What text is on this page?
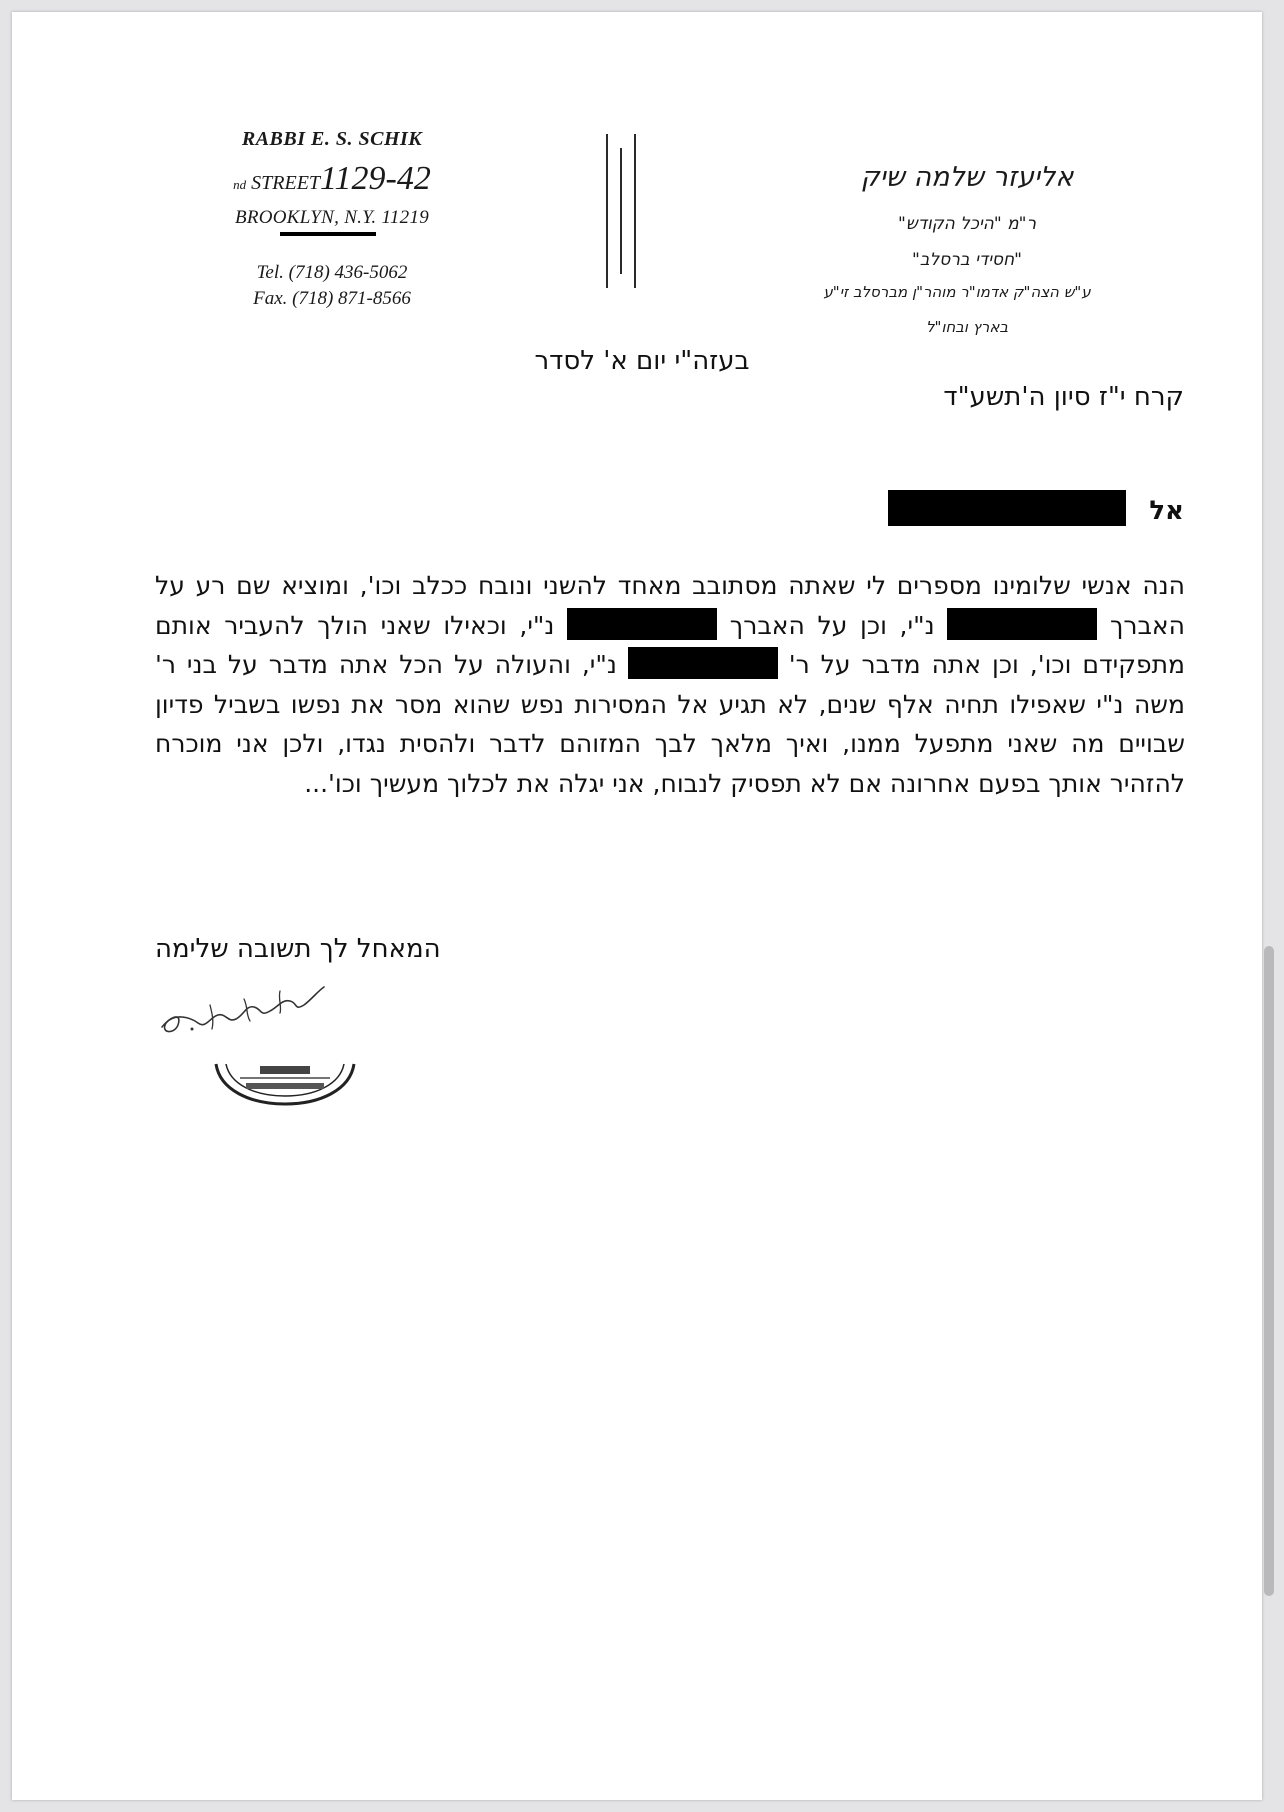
RABBI E. S. SCHIK
nd STREET1129-42
BROOKLYN, N.Y. 11219
Tel. (718) 436-5062
Fax. (718) 871-8566
אליעזר שלמה שיק
ר"מ "היכל הקודש"
"חסידי ברסלב"
ע"ש הצה"ק אדמו"ר מוהר"ן מברסלב זי"ע
בארץ ובחו"ל
בעזה"י יום א' לסדר
קרח י"ז סיון ה'תשע"ד
אל
הנה אנשי שלומינו מספרים לי שאתה מסתובב מאחד להשני ונובח ככלב וכו', ומוציא שם רע על האברך  נ"י, וכן על האברך  נ"י, וכאילו שאני הולך להעביר אותם מתפקידם וכו', וכן אתה מדבר על ר'  נ"י, והעולה על הכל אתה מדבר על בני ר' משה נ"י שאפילו תחיה אלף שנים, לא תגיע אל המסירות נפש שהוא מסר את נפשו בשביל פדיון שבויים מה שאני מתפעל ממנו, ואיך מלאך לבך המזוהם לדבר ולהסית נגדו, ולכן אני מוכרח להזהיר אותך בפעם אחרונה אם לא תפסיק לנבוח, אני יגלה את לכלוך מעשיך וכו'...
המאחל לך תשובה שלימה
